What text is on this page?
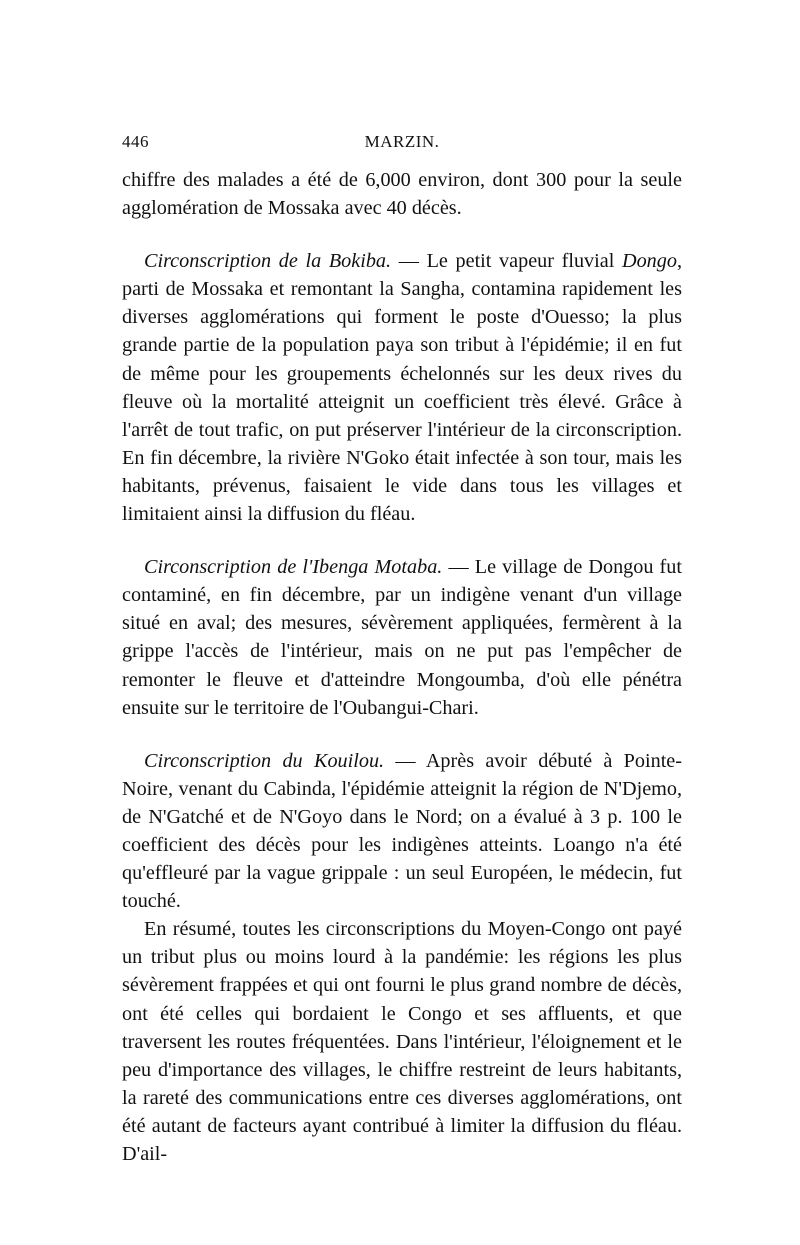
446	MARZIN.

chiffre des malades a été de 6,000 environ, dont 300 pour la seule agglomération de Mossaka avec 40 décès.

Circonscription de la Bokiba. — Le petit vapeur fluvial Dongo, parti de Mossaka et remontant la Sangha, contamina rapidement les diverses agglomérations qui forment le poste d'Ouesso; la plus grande partie de la population paya son tribut à l'épidémie; il en fut de même pour les groupements échelonnés sur les deux rives du fleuve où la mortalité atteignit un coefficient très élevé. Grâce à l'arrêt de tout trafic, on put préserver l'intérieur de la circonscription. En fin décembre, la rivière N'Goko était infectée à son tour, mais les habitants, prévenus, faisaient le vide dans tous les villages et limitaient ainsi la diffusion du fléau.

Circonscription de l'Ibenga Motaba. — Le village de Dongou fut contaminé, en fin décembre, par un indigène venant d'un village situé en aval; des mesures, sévèrement appliquées, fermèrent à la grippe l'accès de l'intérieur, mais on ne put pas l'empêcher de remonter le fleuve et d'atteindre Mongoumba, d'où elle pénétra ensuite sur le territoire de l'Oubangui-Chari.

Circonscription du Kouilou. — Après avoir débuté à Pointe-Noire, venant du Cabinda, l'épidémie atteignit la région de N'Djemo, de N'Gatché et de N'Goyo dans le Nord; on a évalué à 3 p. 100 le coefficient des décès pour les indigènes atteints. Loango n'a été qu'effleuré par la vague grippale : un seul Européen, le médecin, fut touché.

En résumé, toutes les circonscriptions du Moyen-Congo ont payé un tribut plus ou moins lourd à la pandémie: les régions les plus sévèrement frappées et qui ont fourni le plus grand nombre de décès, ont été celles qui bordaient le Congo et ses affluents, et que traversent les routes fréquentées. Dans l'intérieur, l'éloignement et le peu d'importance des villages, le chiffre restreint de leurs habitants, la rareté des communications entre ces diverses agglomérations, ont été autant de facteurs ayant contribué à limiter la diffusion du fléau. D'ail-
